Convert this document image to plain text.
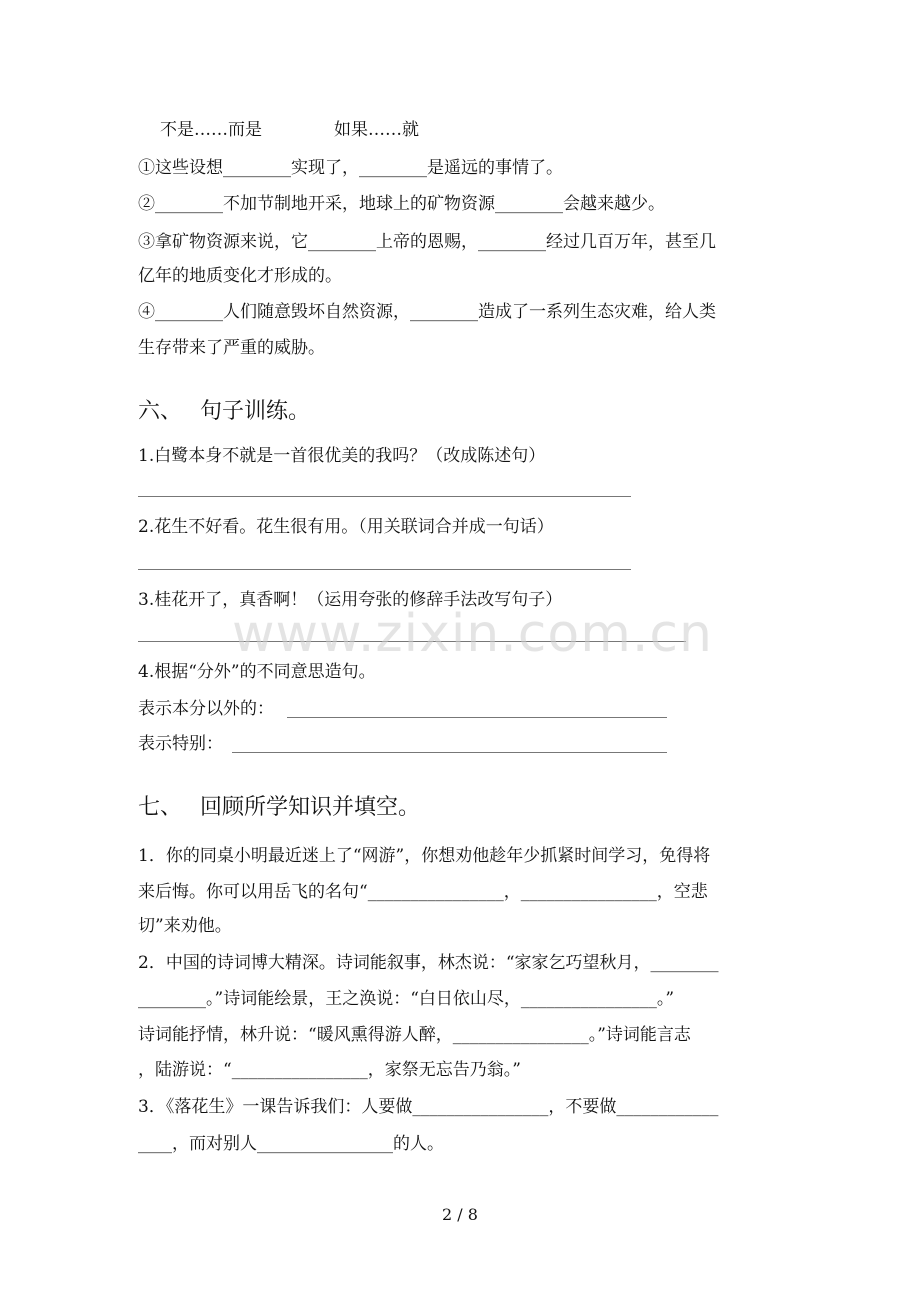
不是……而是	如果……就
①这些设想________实现了，________是遥远的事情了。
②________不加节制地开采，地球上的矿物资源________会越来越少。
③拿矿物资源来说，它________上帝的恩赐，________经过几百万年，甚至几
亿年的地质变化才形成的。
④________人们随意毁坏自然资源，________造成了一系列生态灾难，给人类
生存带来了严重的威胁。
六、 句子训练。
1.白鹭本身不就是一首很优美的我吗？（改成陈述句）
2.花生不好看。花生很有用。（用关联词合并成一句话）
3.桂花开了，真香啊！（运用夸张的修辞手法改写句子）
4.根据“分外”的不同意思造句。
表示本分以外的：
表示特别：
www.zixin.com.cn
七、 回顾所学知识并填空。
1．你的同桌小明最近迷上了“网游”，你想劝他趁年少抓紧时间学习，免得将
来后悔。你可以用岳飞的名句“________________，________________，空悲
切”来劝他。
2．中国的诗词博大精深。诗词能叙事，林杰说：“家家乞巧望秋月，________
________。”诗词能绘景，王之涣说：“白日依山尽，________________。”
诗词能抒情，林升说：“暖风熏得游人醉，________________。”诗词能言志
，陆游说：“________________，家祭无忘告乃翁。”
3．《落花生》一课告诉我们：人要做________________，不要做____________
____，而对别人________________的人。
2 / 8
